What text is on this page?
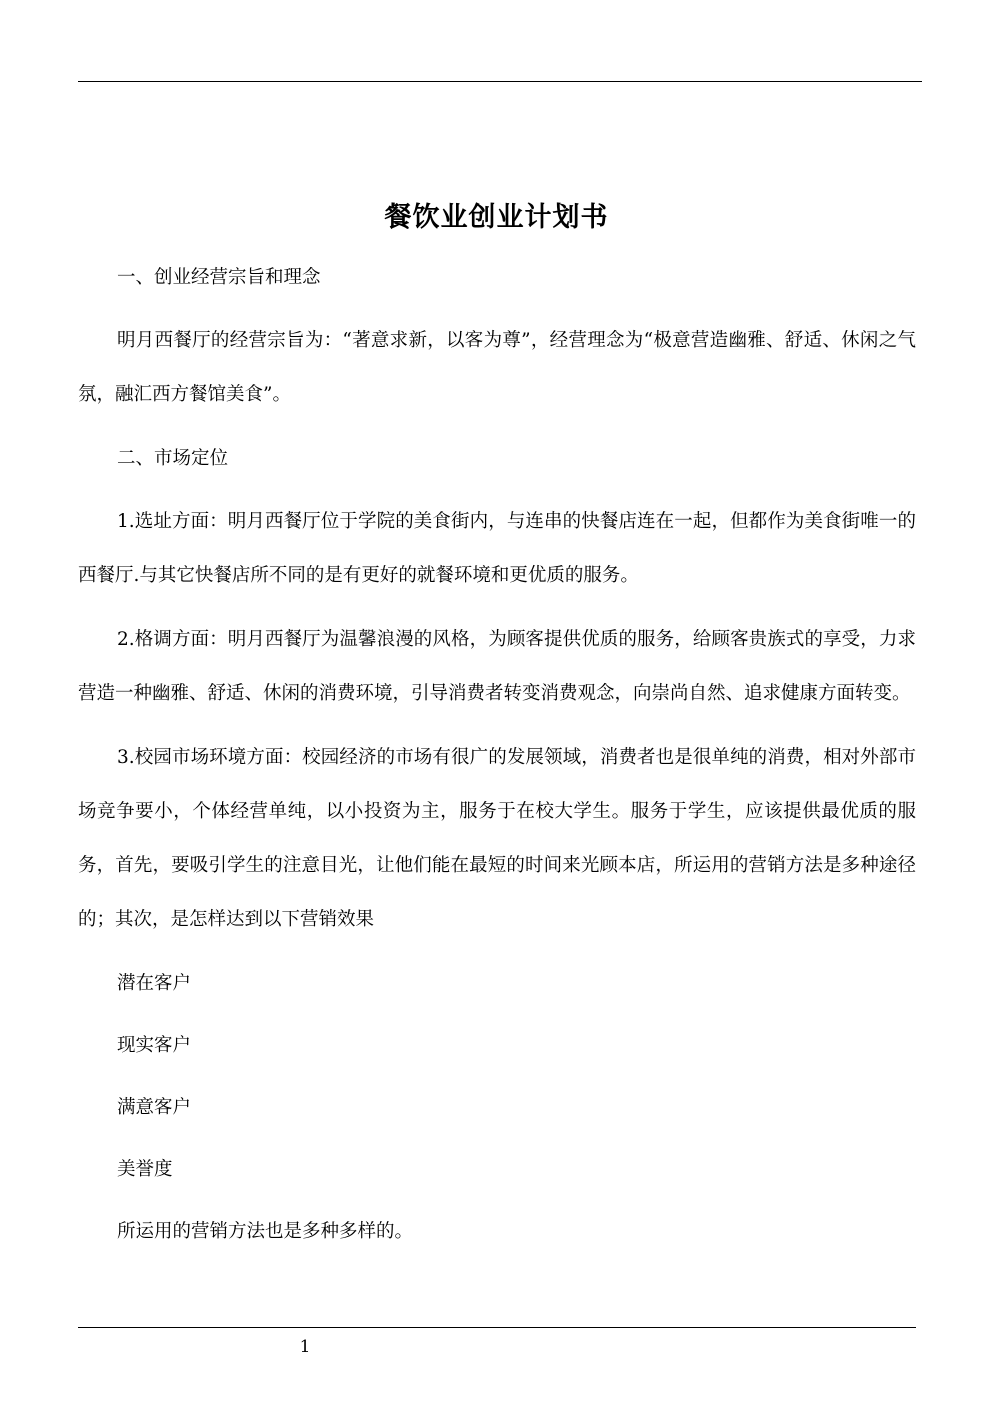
餐饮业创业计划书

一、创业经营宗旨和理念

明月西餐厅的经营宗旨为：“著意求新，以客为尊”，经营理念为“极意营造幽雅、舒适、休闲之气氛，融汇西方餐馆美食”。

二、市场定位

1.选址方面：明月西餐厅位于学院的美食街内，与连串的快餐店连在一起，但都作为美食街唯一的西餐厅.与其它快餐店所不同的是有更好的就餐环境和更优质的服务。

2.格调方面：明月西餐厅为温馨浪漫的风格，为顾客提供优质的服务，给顾客贵族式的享受，力求营造一种幽雅、舒适、休闲的消费环境，引导消费者转变消费观念，向崇尚自然、追求健康方面转变。

3.校园市场环境方面：校园经济的市场有很广的发展领域，消费者也是很单纯的消费，相对外部市场竞争要小，个体经营单纯，以小投资为主，服务于在校大学生。服务于学生，应该提供最优质的服务，首先，要吸引学生的注意目光，让他们能在最短的时间来光顾本店，所运用的营销方法是多种途径的；其次，是怎样达到以下营销效果

潜在客户

现实客户

满意客户

美誉度

所运用的营销方法也是多种多样的。

1
